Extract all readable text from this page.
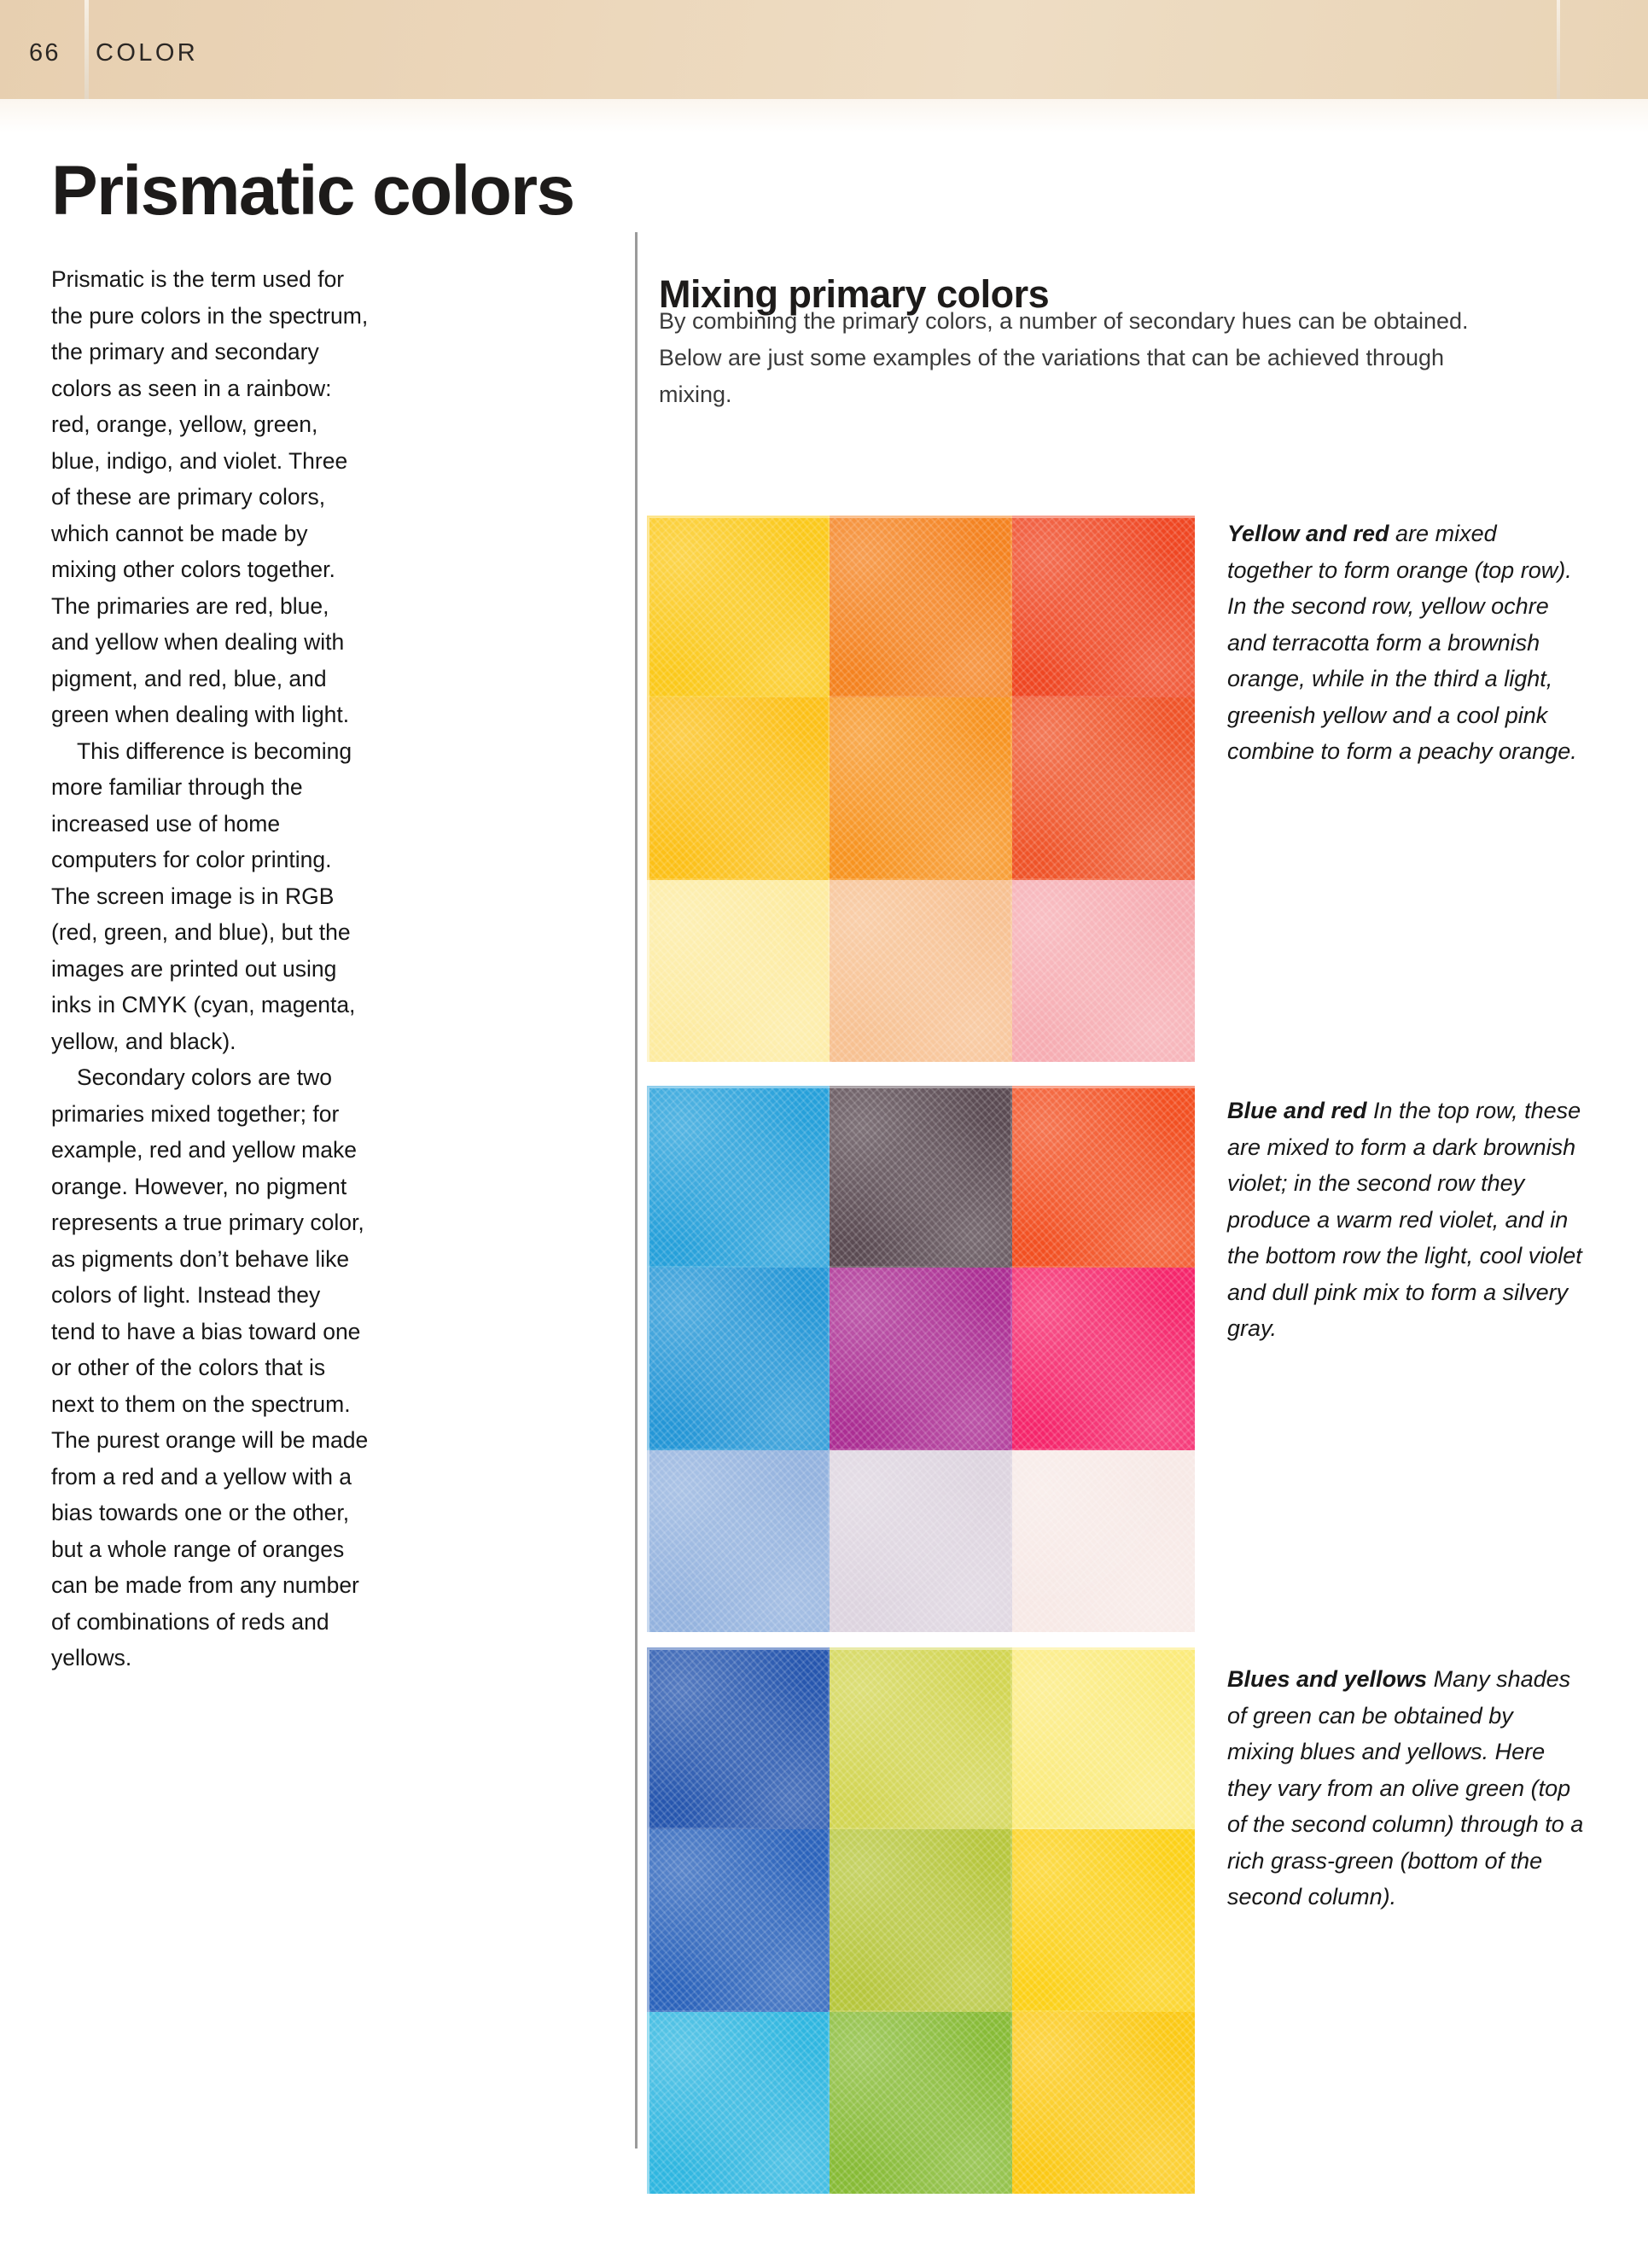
66 COLOR
Prismatic colors

Prismatic is the term used for the pure colors in the spectrum, the primary and secondary colors as seen in a rainbow: red, orange, yellow, green, blue, indigo, and violet. Three of these are primary colors, which cannot be made by mixing other colors together. The primaries are red, blue, and yellow when dealing with pigment, and red, blue, and green when dealing with light.

This difference is becoming more familiar through the increased use of home computers for color printing. The screen image is in RGB (red, green, and blue), but the images are printed out using inks in CMYK (cyan, magenta, yellow, and black).

Secondary colors are two primaries mixed together; for example, red and yellow make orange. However, no pigment represents a true primary color, as pigments don’t behave like colors of light. Instead they tend to have a bias toward one or other of the colors that is next to them on the spectrum. The purest orange will be made from a red and a yellow with a bias towards one or the other, but a whole range of oranges can be made from any number of combinations of reds and yellows.

Mixing primary colors
By combining the primary colors, a number of secondary hues can be obtained. Below are just some examples of the variations that can be achieved through mixing.
Yellow and red are mixed together to form orange (top row). In the second row, yellow ochre and terracotta form a brownish orange, while in the third a light, greenish yellow and a cool pink combine to form a peachy orange.
Blue and red In the top row, these are mixed to form a dark brownish violet; in the second row they produce a warm red violet, and in the bottom row the light, cool violet and dull pink mix to form a silvery gray.
Blues and yellows Many shades of green can be obtained by mixing blues and yellows. Here they vary from an olive green (top of the second column) through to a rich grass-green (bottom of the second column).
